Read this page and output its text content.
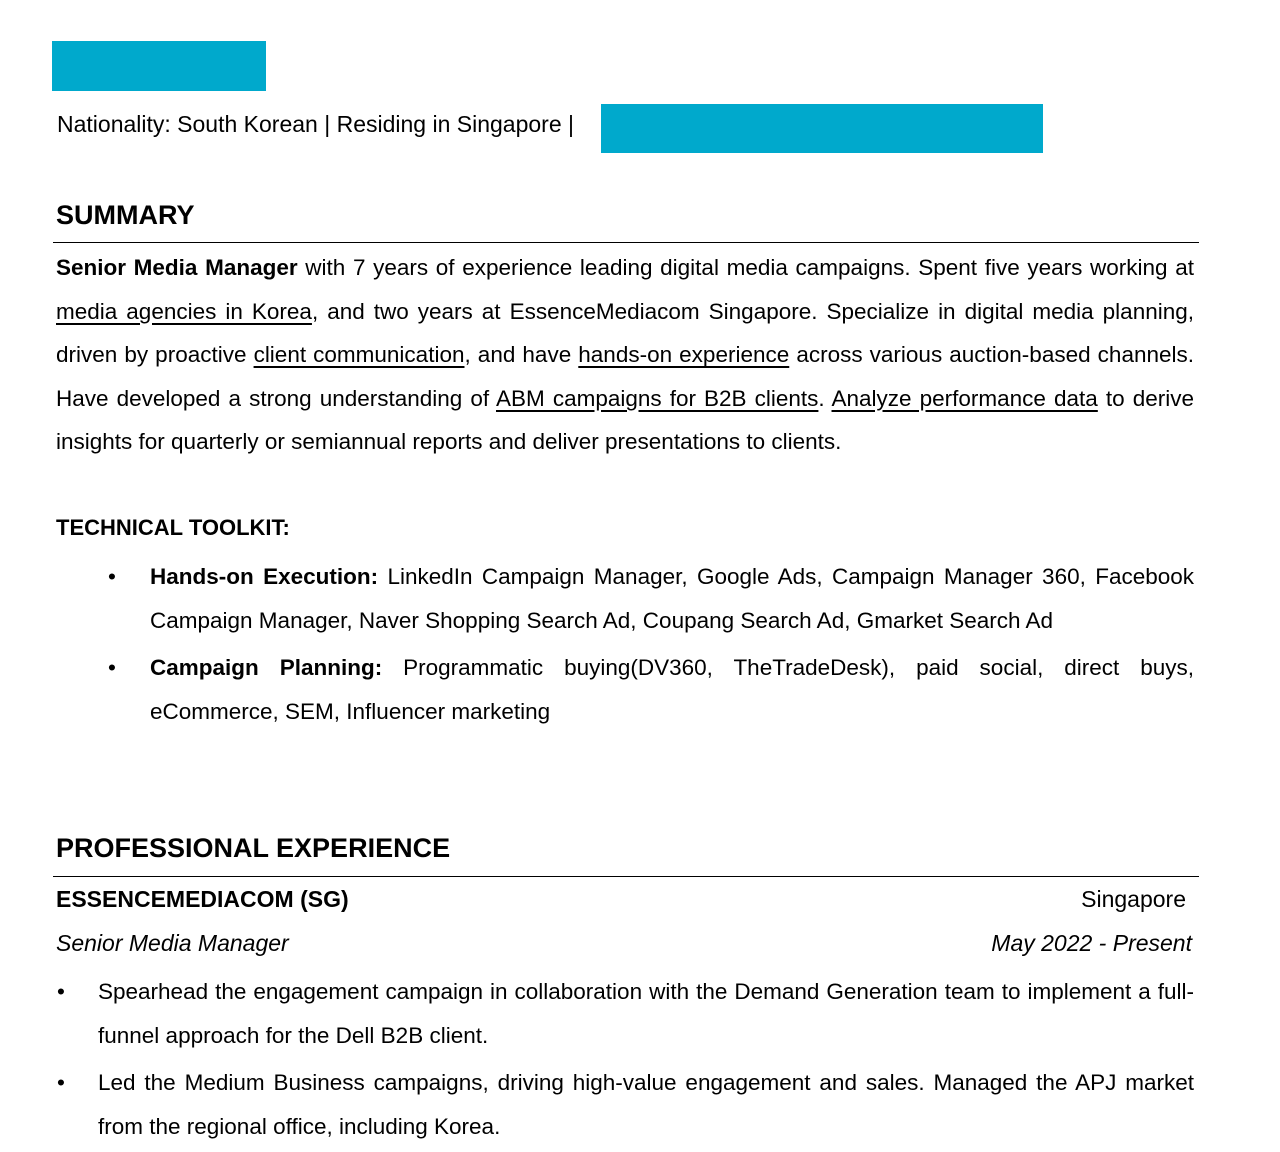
Nationality: South Korean | Residing in Singapore |
SUMMARY
Senior Media Manager with 7 years of experience leading digital media campaigns. Spent five years working at media agencies in Korea, and two years at EssenceMediacom Singapore. Specialize in digital media planning, driven by proactive client communication, and have hands-on experience across various auction-based channels. Have developed a strong understanding of ABM campaigns for B2B clients. Analyze performance data to derive insights for quarterly or semiannual reports and deliver presentations to clients.
TECHNICAL TOOLKIT:
• Hands-on Execution: LinkedIn Campaign Manager, Google Ads, Campaign Manager 360, Facebook Campaign Manager, Naver Shopping Search Ad, Coupang Search Ad, Gmarket Search Ad
• Campaign Planning: Programmatic buying(DV360, TheTradeDesk), paid social, direct buys, eCommerce, SEM, Influencer marketing
PROFESSIONAL EXPERIENCE
ESSENCEMEDIACOM (SG)	Singapore
Senior Media Manager	May 2022 - Present
• Spearhead the engagement campaign in collaboration with the Demand Generation team to implement a full-funnel approach for the Dell B2B client.
• Led the Medium Business campaigns, driving high-value engagement and sales. Managed the APJ market from the regional office, including Korea.
